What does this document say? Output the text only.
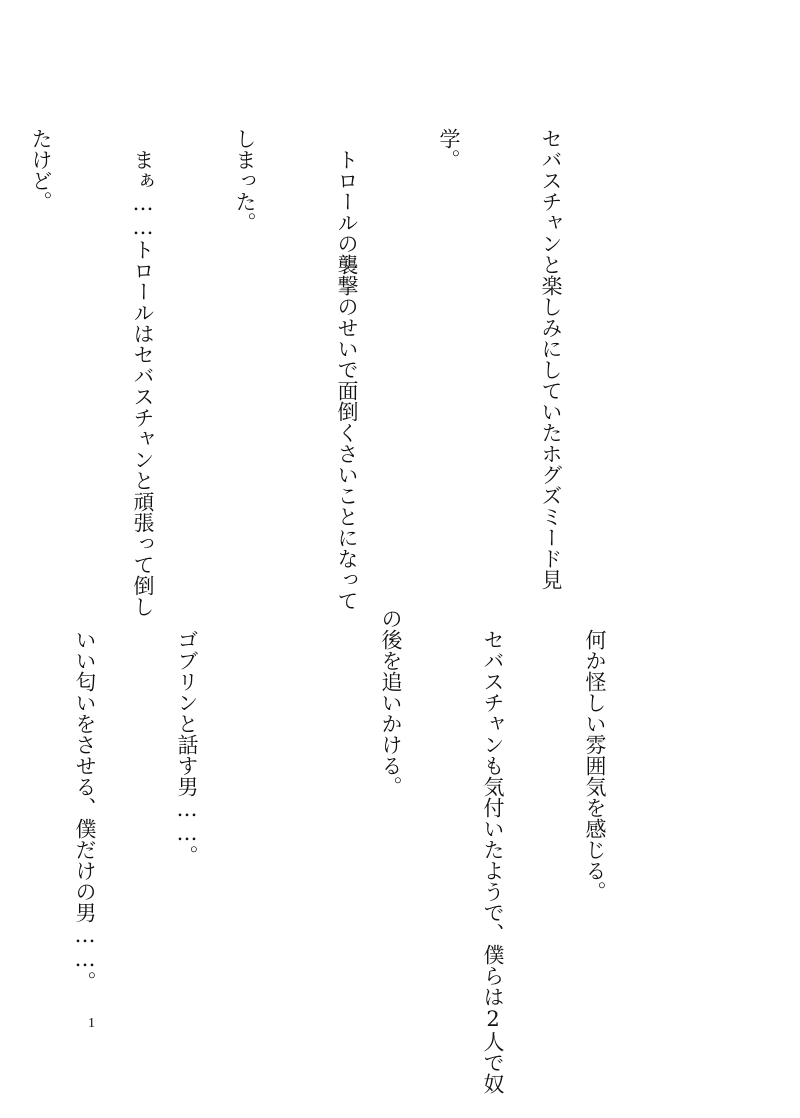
セバスチャンと楽しみにしていたホグズミード見

学。

　トロールの襲撃のせいで面倒くさいことになって

しまった。

　まぁ……トロールはセバスチャンと頑張って倒し

たけど。

　何か怪しい雰囲気を感じる。

　セバスチャンも気付いたようで、僕らは2人で奴

の後を追いかける。

　ゴブリンと話す男……。

　いい匂いをさせる、僕だけの男……。

1
